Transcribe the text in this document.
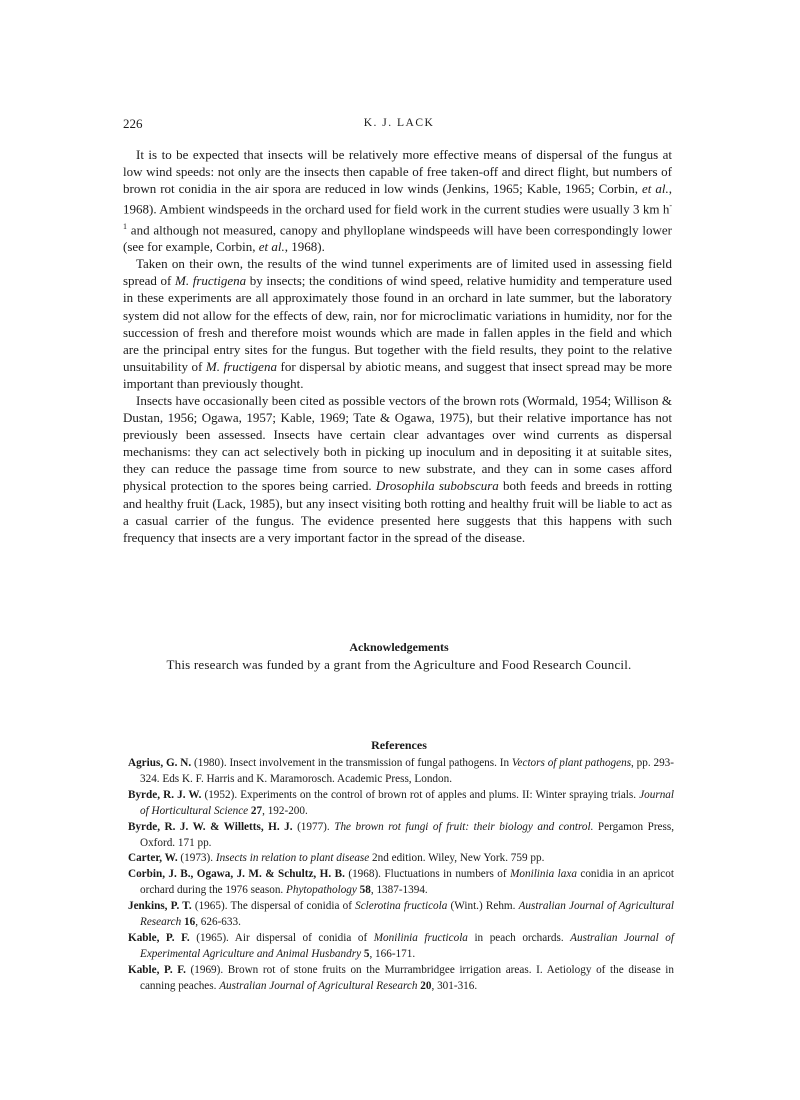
226	K. J. LACK

It is to be expected that insects will be relatively more effective means of dispersal of the fungus at low wind speeds: not only are the insects then capable of free taken-off and direct flight, but numbers of brown rot conidia in the air spora are reduced in low winds (Jenkins, 1965; Kable, 1965; Corbin, et al., 1968). Ambient windspeeds in the orchard used for field work in the current studies were usually 3 km $h^{-1}$ and although not measured, canopy and phylloplane windspeeds will have been correspondingly lower (see for example, Corbin, et al., 1968).

Taken on their own, the results of the wind tunnel experiments are of limited used in assessing field spread of M. fructigena by insects; the conditions of wind speed, relative humidity and temperature used in these experiments are all approximately those found in an orchard in late summer, but the laboratory system did not allow for the effects of dew, rain, nor for microclimatic variations in humidity, nor for the succession of fresh and therefore moist wounds which are made in fallen apples in the field and which are the principal entry sites for the fungus. But together with the field results, they point to the relative unsuitability of M. fructigena for dispersal by abiotic means, and suggest that insect spread may be more important than previously thought.

Insects have occasionally been cited as possible vectors of the brown rots (Wormald, 1954; Willison & Dustan, 1956; Ogawa, 1957; Kable, 1969; Tate & Ogawa, 1975), but their relative importance has not previously been assessed. Insects have certain clear advantages over wind currents as dispersal mechanisms: they can act selectively both in picking up inoculum and in depositing it at suitable sites, they can reduce the passage time from source to new substrate, and they can in some cases afford physical protection to the spores being carried. Drosophila subobscura both feeds and breeds in rotting and healthy fruit (Lack, 1985), but any insect visiting both rotting and healthy fruit will be liable to act as a casual carrier of the fungus. The evidence presented here suggests that this happens with such frequency that insects are a very important factor in the spread of the disease.

Acknowledgements
This research was funded by a grant from the Agriculture and Food Research Council.
References
Agrius, G. N. (1980). Insect involvement in the transmission of fungal pathogens. In Vectors of plant pathogens, pp. 293-324. Eds K. F. Harris and K. Maramorosch. Academic Press, London.
Byrde, R. J. W. (1952). Experiments on the control of brown rot of apples and plums. II: Winter spraying trials. Journal of Horticultural Science 27, 192-200.
Byrde, R. J. W. & Willetts, H. J. (1977). The brown rot fungi of fruit: their biology and control. Pergamon Press, Oxford. 171 pp.
Carter, W. (1973). Insects in relation to plant disease 2nd edition. Wiley, New York. 759 pp.
Corbin, J. B., Ogawa, J. M. & Schultz, H. B. (1968). Fluctuations in numbers of Monilinia laxa conidia in an apricot orchard during the 1976 season. Phytopathology 58, 1387-1394.
Jenkins, P. T. (1965). The dispersal of conidia of Sclerotina fructicola (Wint.) Rehm. Australian Journal of Agricultural Research 16, 626-633.
Kable, P. F. (1965). Air dispersal of conidia of Monilinia fructicola in peach orchards. Australian Journal of Experimental Agriculture and Animal Husbandry 5, 166-171.
Kable, P. F. (1969). Brown rot of stone fruits on the Murrambridgee irrigation areas. I. Aetiology of the disease in canning peaches. Australian Journal of Agricultural Research 20, 301-316.
